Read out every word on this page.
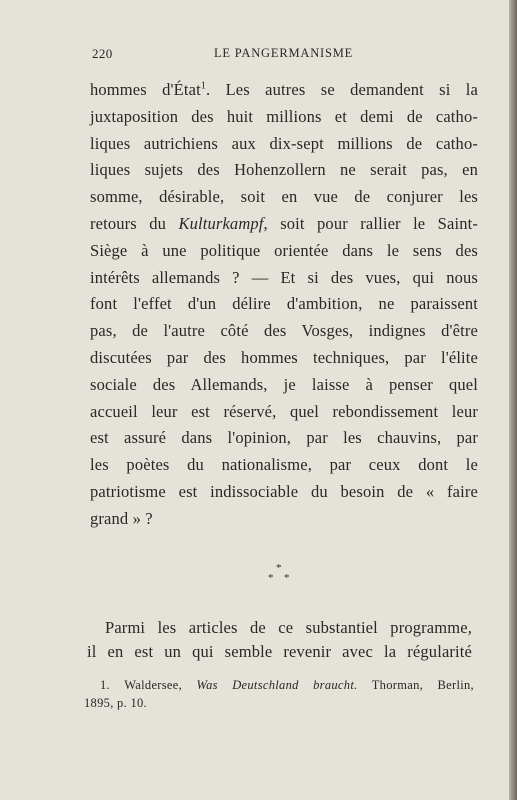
220	LE PANGERMANISME
hommes d'État$^1$. Les autres se demandent si la
juxtaposition des huit millions et demi de catho-
liques autrichiens aux dix-sept millions de catho-
liques sujets des Hohenzollern ne serait pas, en
somme, désirable, soit en vue de conjurer les
retours du Kulturkampf, soit pour rallier le Saint-
Siège à une politique orientée dans le sens des
intérêts allemands ? — Et si des vues, qui nous
font l'effet d'un délire d'ambition, ne paraissent
pas, de l'autre côté des Vosges, indignes d'être
discutées par des hommes techniques, par l'élite
sociale des Allemands, je laisse à penser quel
accueil leur est réservé, quel rebondissement leur
est assuré dans l'opinion, par les chauvins, par
les poètes du nationalisme, par ceux dont le
patriotisme est indissociable du besoin de « faire
grand » ?
*
* *
Parmi les articles de ce substantiel programme,
il en est un qui semble revenir avec la régularité
1. Waldersee, Was Deutschland braucht. Thorman, Berlin,
1895, p. 10.
